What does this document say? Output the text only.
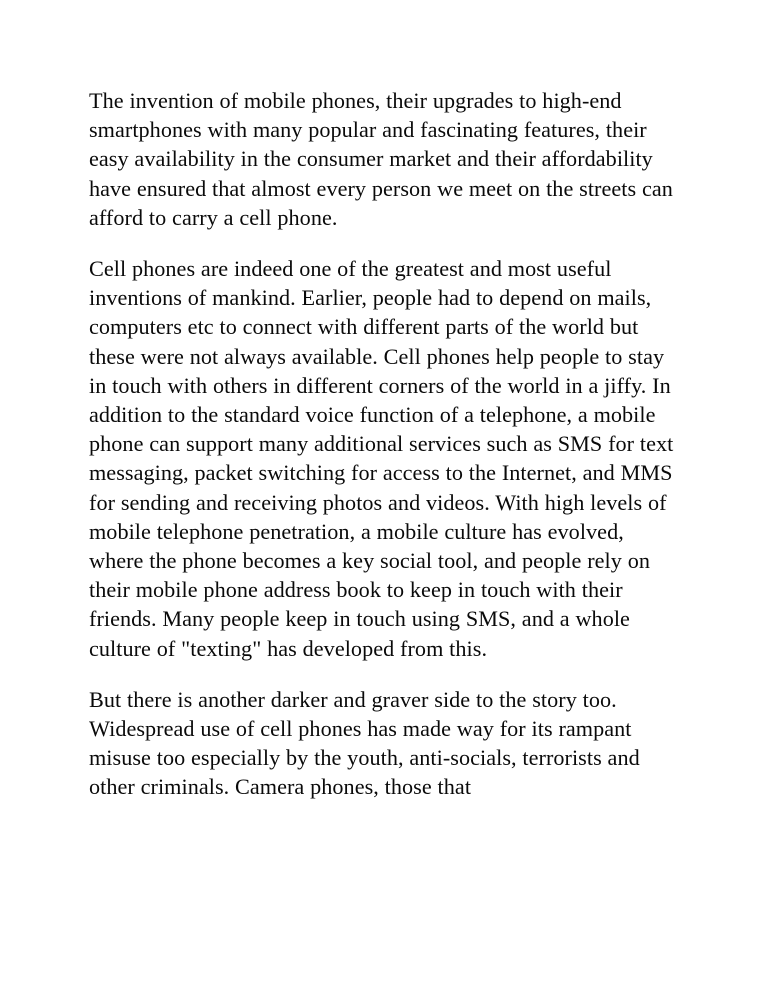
The invention of mobile phones, their upgrades to high-end smartphones with many popular and fascinating features, their easy availability in the consumer market and their affordability have ensured that almost every person we meet on the streets can afford to carry a cell phone.

Cell phones are indeed one of the greatest and most useful inventions of mankind. Earlier, people had to depend on mails, computers etc to connect with different parts of the world but these were not always available. Cell phones help people to stay in touch with others in different corners of the world in a jiffy. In addition to the standard voice function of a telephone, a mobile phone can support many additional services such as SMS for text messaging, packet switching for access to the Internet, and MMS for sending and receiving photos and videos. With high levels of mobile telephone penetration, a mobile culture has evolved, where the phone becomes a key social tool, and people rely on their mobile phone address book to keep in touch with their friends. Many people keep in touch using SMS, and a whole culture of "texting" has developed from this.

But there is another darker and graver side to the story too. Widespread use of cell phones has made way for its rampant misuse too especially by the youth, anti-socials, terrorists and other criminals. Camera phones, those that
